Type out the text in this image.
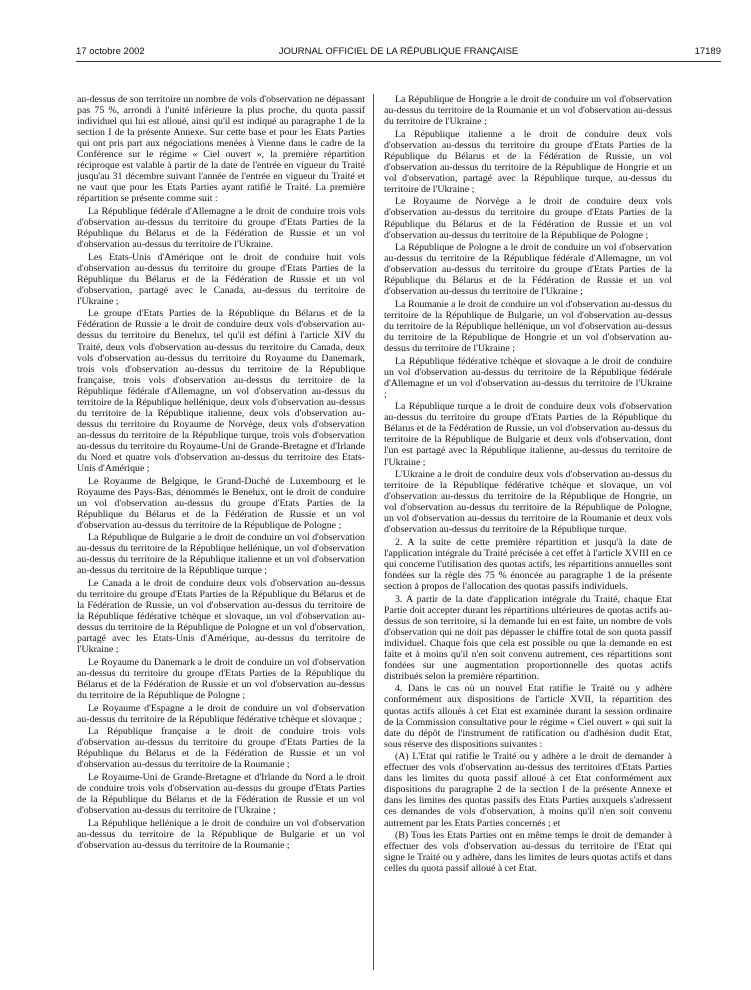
17 octobre 2002	JOURNAL OFFICIEL DE LA RÉPUBLIQUE FRANÇAISE	17189

au-dessus de son territoire un nombre de vols d'observation ne dépassant pas 75 %, arrondi à l'unité inférieure la plus proche, du quota passif individuel qui lui est alloué, ainsi qu'il est indiqué au paragraphe 1 de la section I de la présente Annexe. Sur cette base et pour les Etats Parties qui ont pris part aux négociations menées à Vienne dans le cadre de la Conférence sur le régime « Ciel ouvert », la première répartition réciproque est valable à partir de la date de l'entrée en vigueur du Traité jusqu'au 31 décembre suivant l'année de l'entrée en vigueur du Traité et ne vaut que pour les Etats Parties ayant ratifié le Traité. La première répartition se présente comme suit :

La République fédérale d'Allemagne a le droit de conduire trois vols d'observation au-dessus du territoire du groupe d'Etats Parties de la République du Bélarus et de la Fédération de Russie et un vol d'observation au-dessus du territoire de l'Ukraine.

Les Etats-Unis d'Amérique ont le droit de conduire huit vols d'observation au-dessus du territoire du groupe d'Etats Parties de la République du Bélarus et de la Fédération de Russie et un vol d'observation, partagé avec le Canada, au-dessus du territoire de l'Ukraine ;

Le groupe d'Etats Parties de la République du Bélarus et de la Fédération de Russie a le droit de conduire deux vols d'observation au-dessus du territoire du Benelux, tel qu'il est défini à l'article XIV du Traité, deux vols d'observation au-dessus du territoire du Canada, deux vols d'observation au-dessus du territoire du Royaume du Danemark, trois vols d'observation au-dessus du territoire de la République française, trois vols d'observation au-dessus du territoire de la République fédérale d'Allemagne, un vol d'observation au-dessus du territoire de la République hellénique, deux vols d'observation au-dessus du territoire de la République italienne, deux vols d'observation au-dessus du territoire du Royaume de Norvège, deux vols d'observation au-dessus du territoire de la République turque, trois vols d'observation au-dessus du territoire du Royaume-Uni de Grande-Bretagne et d'Irlande du Nord et quatre vols d'observation au-dessus du territoire des Etats-Unis d'Amérique ;

Le Royaume de Belgique, le Grand-Duché de Luxembourg et le Royaume des Pays-Bas, dénommés le Benelux, ont le droit de conduire un vol d'observation au-dessus du groupe d'Etats Parties de la République du Bélarus et de la Fédération de Russie et un vol d'observation au-dessus du territoire de la République de Pologne ;

La République de Bulgarie a le droit de conduire un vol d'observation au-dessus du territoire de la République hellénique, un vol d'observation au-dessus du territoire de la République italienne et un vol d'observation au-dessus du territoire de la République turque ;

Le Canada a le droit de conduire deux vols d'observation au-dessus du territoire du groupe d'Etats Parties de la République du Bélarus et de la Fédération de Russie, un vol d'observation au-dessus du territoire de la République fédérative tchèque et slovaque, un vol d'observation au-dessus du territoire de la République de Pologne et un vol d'observation, partagé avec les Etats-Unis d'Amérique, au-dessus du territoire de l'Ukraine ;

Le Royaume du Danemark a le droit de conduire un vol d'observation au-dessus du territoire du groupe d'Etats Parties de la République du Bélarus et de la Fédération de Russie et un vol d'observation au-dessus du territoire de la République de Pologne ;

Le Royaume d'Espagne a le droit de conduire un vol d'observation au-dessus du territoire de la République fédérative tchèque et slovaque ;

La République française a le droit de conduire trois vols d'observation au-dessus du territoire du groupe d'Etats Parties de la République du Bélarus et de la Fédération de Russie et un vol d'observation au-dessus du territoire de la Roumanie ;

Le Royaume-Uni de Grande-Bretagne et d'Irlande du Nord a le droit de conduire trois vols d'observation au-dessus du groupe d'Etats Parties de la République du Bélarus et de la Fédération de Russie et un vol d'observation au-dessus du territoire de l'Ukraine ;

La République hellénique a le droit de conduire un vol d'observation au-dessus du territoire de la République de Bulgarie et un vol d'observation au-dessus du territoire de la Roumanie ;

La République de Hongrie a le droit de conduire un vol d'observation au-dessus du territoire de la Roumanie et un vol d'observation au-dessus du territoire de l'Ukraine ;

La République italienne a le droit de conduire deux vols d'observation au-dessus du territoire du groupe d'Etats Parties de la République du Bélarus et de la Fédération de Russie, un vol d'observation au-dessus du territoire de la République de Hongrie et un vol d'observation, partagé avec la République turque, au-dessus du territoire de l'Ukraine ;

Le Royaume de Norvège a le droit de conduire deux vols d'observation au-dessus du territoire du groupe d'Etats Parties de la République du Bélarus et de la Fédération de Russie et un vol d'observation au-dessus du territoire de la République de Pologne ;

La République de Pologne a le droit de conduire un vol d'observation au-dessus du territoire de la République fédérale d'Allemagne, un vol d'observation au-dessus du territoire du groupe d'Etats Parties de la République du Bélarus et de la Fédération de Russie et un vol d'observation au-dessus du territoire de l'Ukraine ;

La Roumanie a le droit de conduire un vol d'observation au-dessus du territoire de la République de Bulgarie, un vol d'observation au-dessus du territoire de la République hellénique, un vol d'observation au-dessus du territoire de la République de Hongrie et un vol d'observation au-dessus du territoire de l'Ukraine ;

La République fédérative tchèque et slovaque a le droit de conduire un vol d'observation au-dessus du territoire de la République fédérale d'Allemagne et un vol d'observation au-dessus du territoire de l'Ukraine ;

La République turque a le droit de conduire deux vols d'observation au-dessus du territoire du groupe d'Etats Parties de la République du Bélarus et de la Fédération de Russie, un vol d'observation au-dessus du territoire de la République de Bulgarie et deux vols d'observation, dont l'un est partagé avec la République italienne, au-dessus du territoire de l'Ukraine ;

L'Ukraine a le droit de conduire deux vols d'observation au-dessus du territoire de la République fédérative tchèque et slovaque, un vol d'observation au-dessus du territoire de la République de Hongrie, un vol d'observation au-dessus du territoire de la République de Pologne, un vol d'observation au-dessus du territoire de la Roumanie et deux vols d'observation au-dessus du territoire de la République turque.

2. A la suite de cette première répartition et jusqu'à la date de l'application intégrale du Traité précisée à cet effet à l'article XVIII en ce qui concerne l'utilisation des quotas actifs, les répartitions annuelles sont fondées sur la règle des 75 % énoncée au paragraphe 1 de la présente section à propos de l'allocation des quotas passifs individuels.

3. A partir de la date d'application intégrale du Traité, chaque Etat Partie doit accepter durant les répartitions ultérieures de quotas actifs au-dessus de son territoire, si la demande lui en est faite, un nombre de vols d'observation qui ne doit pas dépasser le chiffre total de son quota passif individuel. Chaque fois que cela est possible ou que la demande en est faite et à moins qu'il n'en soit convenu autrement, ces répartitions sont fondées sur une augmentation proportionnelle des quotas actifs distribués selon la première répartition.

4. Dans le cas où un nouvel Etat ratifie le Traité ou y adhère conformément aux dispositions de l'article XVII, la répartition des quotas actifs alloués à cet Etat est examinée durant la session ordinaire de la Commission consultative pour le régime « Ciel ouvert » qui suit la date du dépôt de l'instrument de ratification ou d'adhésion dudit Etat, sous réserve des dispositions suivantes :

(A) L'Etat qui ratifie le Traité ou y adhère a le droit de demander à effectuer des vols d'observation au-dessus des territoires d'Etats Parties dans les limites du quota passif alloué à cet Etat conformément aux dispositions du paragraphe 2 de la section I de la présente Annexe et dans les limites des quotas passifs des Etats Parties auxquels s'adressent ces demandes de vols d'observation, à moins qu'il n'en soit convenu autrement par les Etats Parties concernés ; et

(B) Tous les Etats Parties ont en même temps le droit de demander à effectuer des vols d'observation au-dessus du territoire de l'Etat qui signe le Traité ou y adhère, dans les limites de leurs quotas actifs et dans celles du quota passif alloué à cet Etat.
